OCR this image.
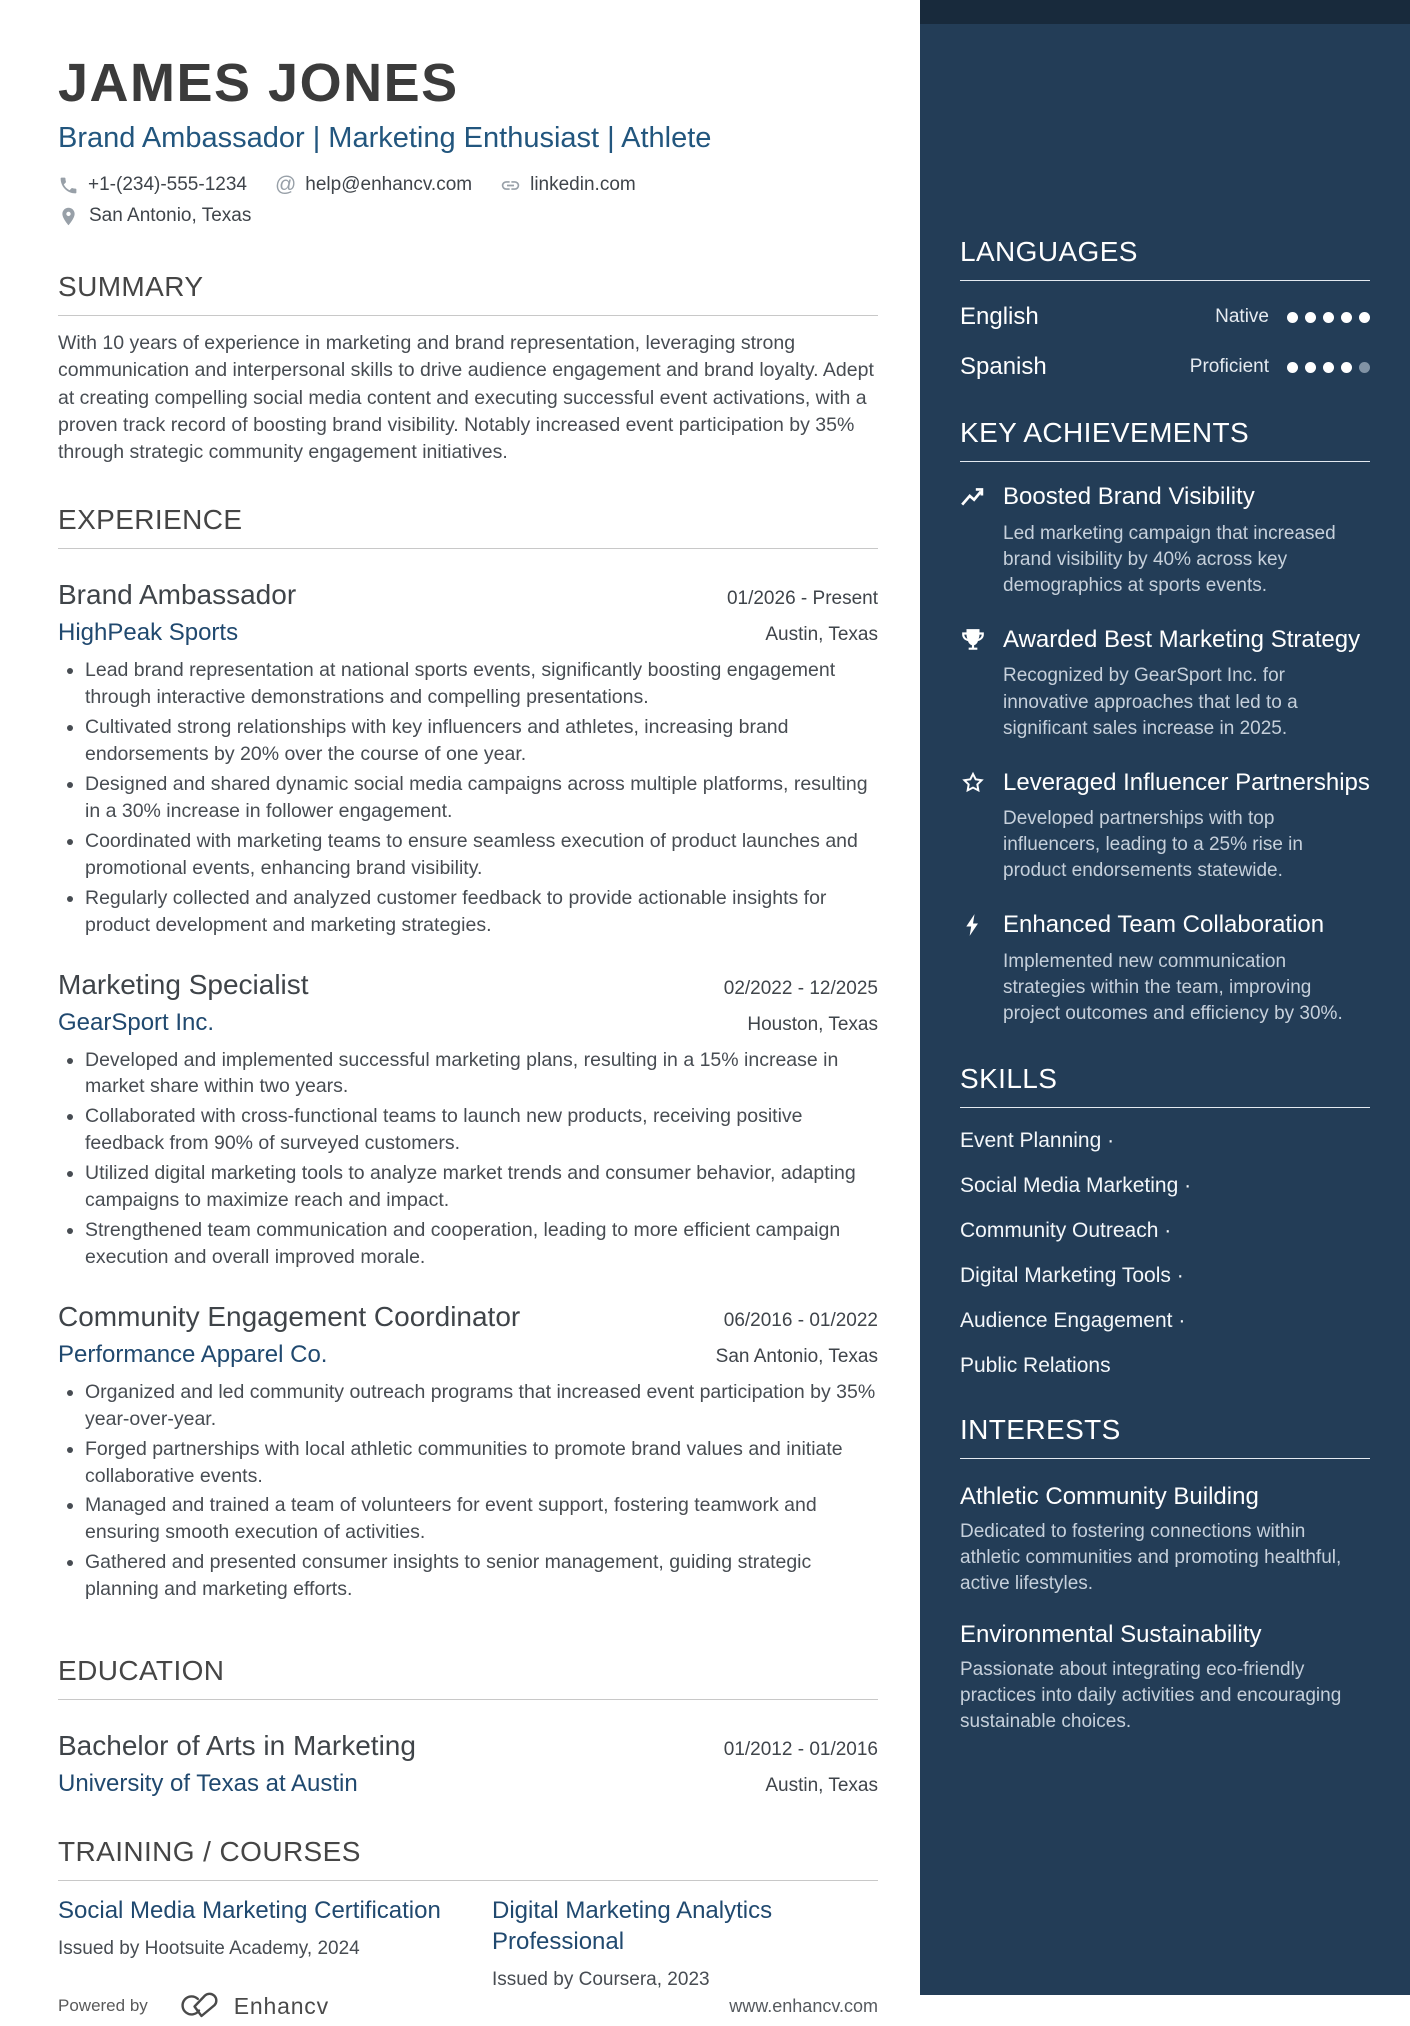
JAMES JONES
Brand Ambassador | Marketing Enthusiast | Athlete
+1-(234)-555-1234 @ help@enhancv.com	linkedin.com
San Antonio, Texas
SUMMARY

With 10 years of experience in marketing and brand representation, leveraging strong communication and interpersonal skills to drive audience engagement and brand loyalty. Adept at creating compelling social media content and executing successful event activations, with a proven track record of boosting brand visibility. Notably increased event participation by 35% through strategic community engagement initiatives.

EXPERIENCE
Brand Ambassador	01/2026 - Present
HighPeak Sports	Austin, Texas
• Lead brand representation at national sports events, significantly boosting engagement through interactive demonstrations and compelling presentations.
• Cultivated strong relationships with key influencers and athletes, increasing brand endorsements by 20% over the course of one year.
• Designed and shared dynamic social media campaigns across multiple platforms, resulting in a 30% increase in follower engagement.
• Coordinated with marketing teams to ensure seamless execution of product launches and promotional events, enhancing brand visibility.
• Regularly collected and analyzed customer feedback to provide actionable insights for product development and marketing strategies.
Marketing Specialist	02/2022 - 12/2025
GearSport Inc.	Houston, Texas
• Developed and implemented successful marketing plans, resulting in a 15% increase in market share within two years.
• Collaborated with cross-functional teams to launch new products, receiving positive feedback from 90% of surveyed customers.
• Utilized digital marketing tools to analyze market trends and consumer behavior, adapting campaigns to maximize reach and impact.
• Strengthened team communication and cooperation, leading to more efficient campaign execution and overall improved morale.
Community Engagement Coordinator	06/2016 - 01/2022
Performance Apparel Co.	San Antonio, Texas
• Organized and led community outreach programs that increased event participation by 35% year-over-year.
• Forged partnerships with local athletic communities to promote brand values and initiate collaborative events.
• Managed and trained a team of volunteers for event support, fostering teamwork and ensuring smooth execution of activities.
• Gathered and presented consumer insights to senior management, guiding strategic planning and marketing efforts.
EDUCATION
Bachelor of Arts in Marketing	01/2012 - 01/2016
University of Texas at Austin	Austin, Texas
TRAINING / COURSES
Social Media Marketing Certification
Issued by Hootsuite Academy, 2024
Digital Marketing Analytics Professional
Issued by Coursera, 2023
Powered by	Enhancv	www.enhancv.com
LANGUAGES
English	Native
Spanish	Proficient
KEY ACHIEVEMENTS
Boosted Brand Visibility
Led marketing campaign that increased brand visibility by 40% across key demographics at sports events.
Awarded Best Marketing Strategy
Recognized by GearSport Inc. for innovative approaches that led to a significant sales increase in 2025.
Leveraged Influencer Partnerships
Developed partnerships with top influencers, leading to a 25% rise in product endorsements statewide.
Enhanced Team Collaboration
Implemented new communication strategies within the team, improving project outcomes and efficiency by 30%.
SKILLS
Event Planning ·
Social Media Marketing ·
Community Outreach ·
Digital Marketing Tools ·
Audience Engagement ·
Public Relations
INTERESTS
Athletic Community Building
Dedicated to fostering connections within athletic communities and promoting healthful, active lifestyles.
Environmental Sustainability
Passionate about integrating eco-friendly practices into daily activities and encouraging sustainable choices.
